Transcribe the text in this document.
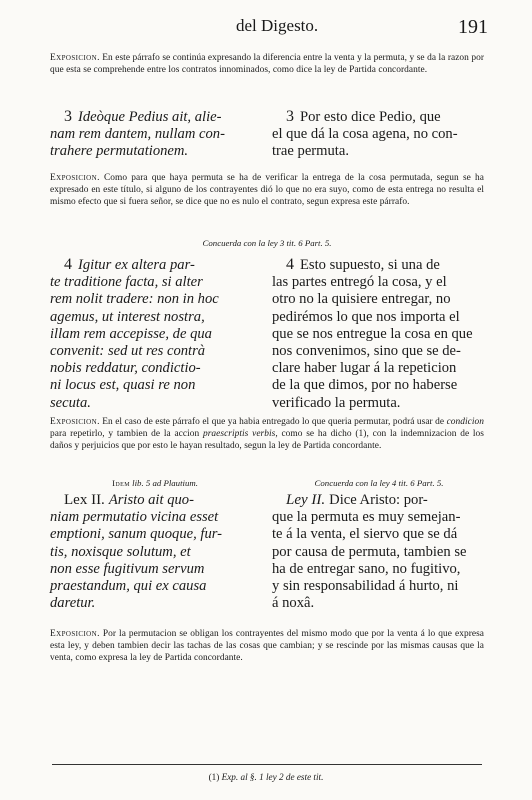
del Digesto.	191
Exposicion. En este párrafo se continúa expresando la diferencia entre la venta y la permuta, y se da la razon por que esta se comprehende entre los contratos innominados, como dice la ley de Partida concordante.
3 Ideòque Pedius ait, alie-
nam rem dantem, nullam con-
trahere permutationem.
3 Por esto dice Pedio, que
el que dá la cosa agena, no con-
trae permuta.
Exposicion. Como para que haya permuta se ha de verificar la entrega de la cosa permutada, segun se ha expresado en este título, si alguno de los contrayentes dió lo que no era suyo, como de esta entrega no resulta el mismo efecto que si fuera señor, se dice que no es nulo el contrato, segun expresa este párrafo.
Concuerda con la ley 3 tit. 6 Part. 5.
4 Igitur ex altera par-
te traditione facta, si alter
rem nolit tradere: non in hoc
agemus, ut interest nostra,
illam rem accepisse, de qua
convenit: sed ut res contrà
nobis reddatur, condictio-
ni locus est, quasi re non
secuta.
4 Esto supuesto, si una de
las partes entregó la cosa, y el
otro no la quisiere entregar, no
pedirémos lo que nos importa el
que se nos entregue la cosa en que
nos convenimos, sino que se de-
clare haber lugar á la repeticion
de la que dimos, por no haberse
verificado la permuta.
Exposicion. En el caso de este párrafo el que ya habia entregado lo que queria permutar, podrá usar de condicion para repetirlo, y tambien de la accion praescriptis verbis, como se ha dicho (1), con la indemnizacion de los daños y perjuicios que por esto le hayan resultado, segun la ley de Partida concordante.
Idem lib. 5 ad Plautium.	Concuerda con la ley 4 tit. 6 Part. 5.
Lex II. Aristo ait quo-
niam permutatio vicina esset
emptioni, sanum quoque, fur-
tis, noxisque solutum, et
non esse fugitivum servum
praestandum, qui ex causa
daretur.
Ley II. Dice Aristo: por-
que la permuta es muy semejan-
te á la venta, el siervo que se dá
por causa de permuta, tambien se
ha de entregar sano, no fugitivo,
y sin responsabilidad á hurto, ni
á noxâ.
Exposicion. Por la permutacion se obligan los contrayentes del mismo modo que por la venta á lo que expresa esta ley, y deben tambien decir las tachas de las cosas que cambian; y se rescinde por las mismas causas que la venta, como expresa la ley de Partida concordante.
(1) Exp. al §. 1 ley 2 de este tit.
